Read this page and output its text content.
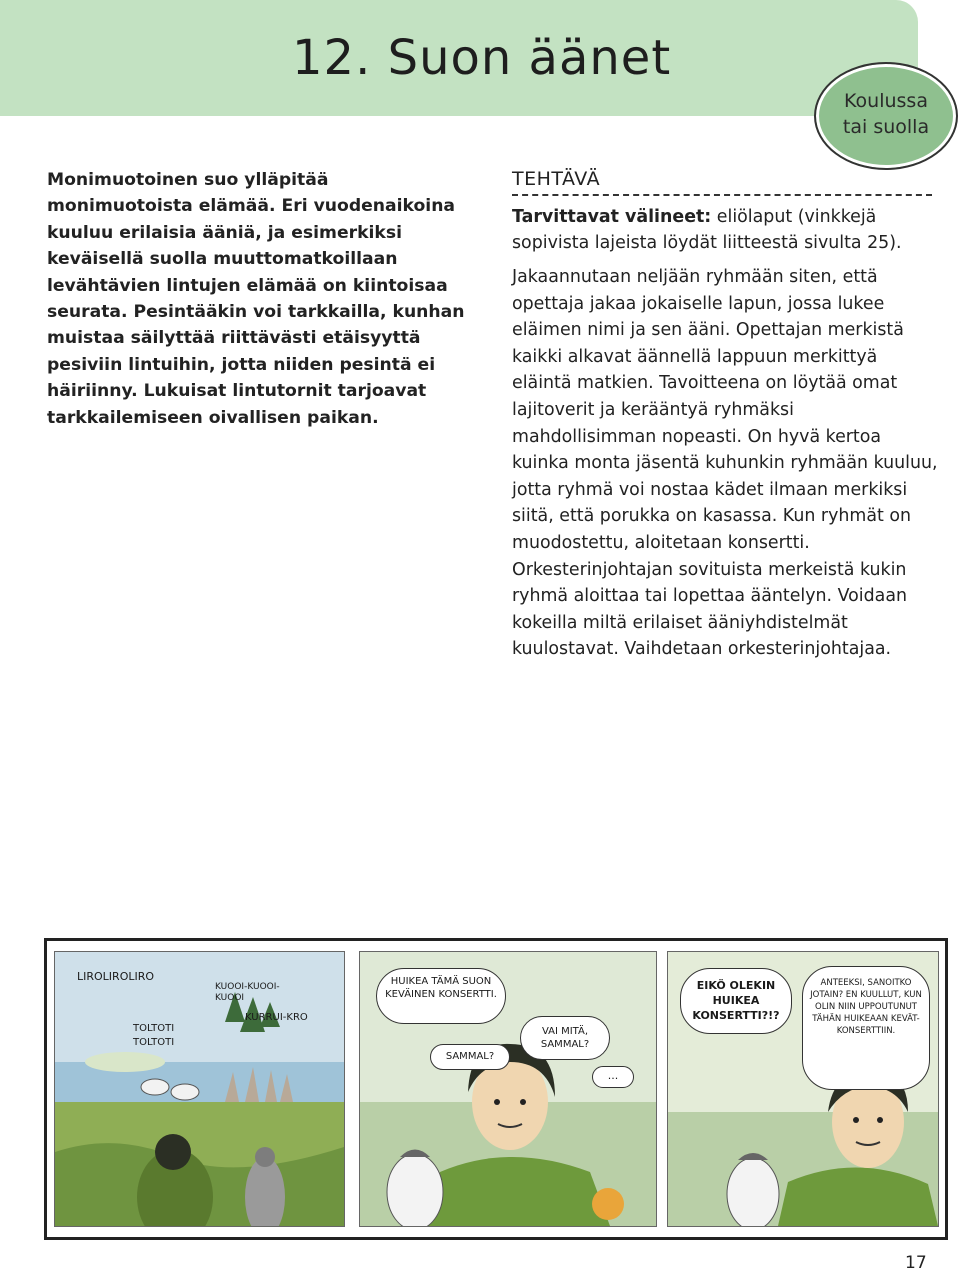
12. Suon äänet
Koulussa
tai suolla

Monimuotoinen suo ylläpitää monimuotoista elämää. Eri vuodenaikoina kuuluu erilaisia ääniä, ja esimerkiksi keväisellä suolla muuttomatkoillaan levähtävien lintujen elämää on kiintoisaa seurata. Pesintääkin voi tarkkailla, kunhan muistaa säilyttää riittävästi etäisyyttä pesiviin lintuihin, jotta niiden pesintä ei häiriinny. Lukuisat lintutornit tarjoavat tarkkailemiseen oivallisen paikan.

TEHTÄVÄ
Tarvittavat välineet: eliölaput (vinkkejä sopivista lajeista löydät liitteestä sivulta 25).
Jakaannutaan neljään ryhmään siten, että opettaja jakaa jokaiselle lapun, jossa lukee eläimen nimi ja sen ääni. Opettajan merkistä kaikki alkavat äännellä lappuun merkittyä eläintä matkien. Tavoitteena on löytää omat lajitoverit ja kerääntyä ryhmäksi mahdollisimman nopeasti. On hyvä kertoa kuinka monta jäsentä kuhunkin ryhmään kuuluu, jotta ryhmä voi nostaa kädet ilmaan merkiksi siitä, että porukka on kasassa. Kun ryhmät on muodostettu, aloitetaan konsertti. Orkesterinjohtajan sovituista merkeistä kukin ryhmä aloittaa tai lopettaa ääntelyn. Voidaan kokeilla miltä erilaiset ääniyhdistelmät kuulostavat. Vaihdetaan orkesterinjohtajaa.
LIROLIROLIRO
KUOOI-KUOOI-KUOOI
TOLTOTI TOLTOTI
KURRUI-KRO
HUIKEA TÄMÄ SUON KEVÄINEN KONSERTTI.
VAI MITÄ, SAMMAL?
SAMMAL?
...
EIKÖ OLEKIN HUIKEA KONSERTTI?!?
ANTEEKSI, SANOITKO JOTAIN? EN KUULLUT, KUN OLIN NIIN UPPOUTUNUT TÄHÄN HUIKEAAN KEVÄT-KONSERTTIIN.
17
